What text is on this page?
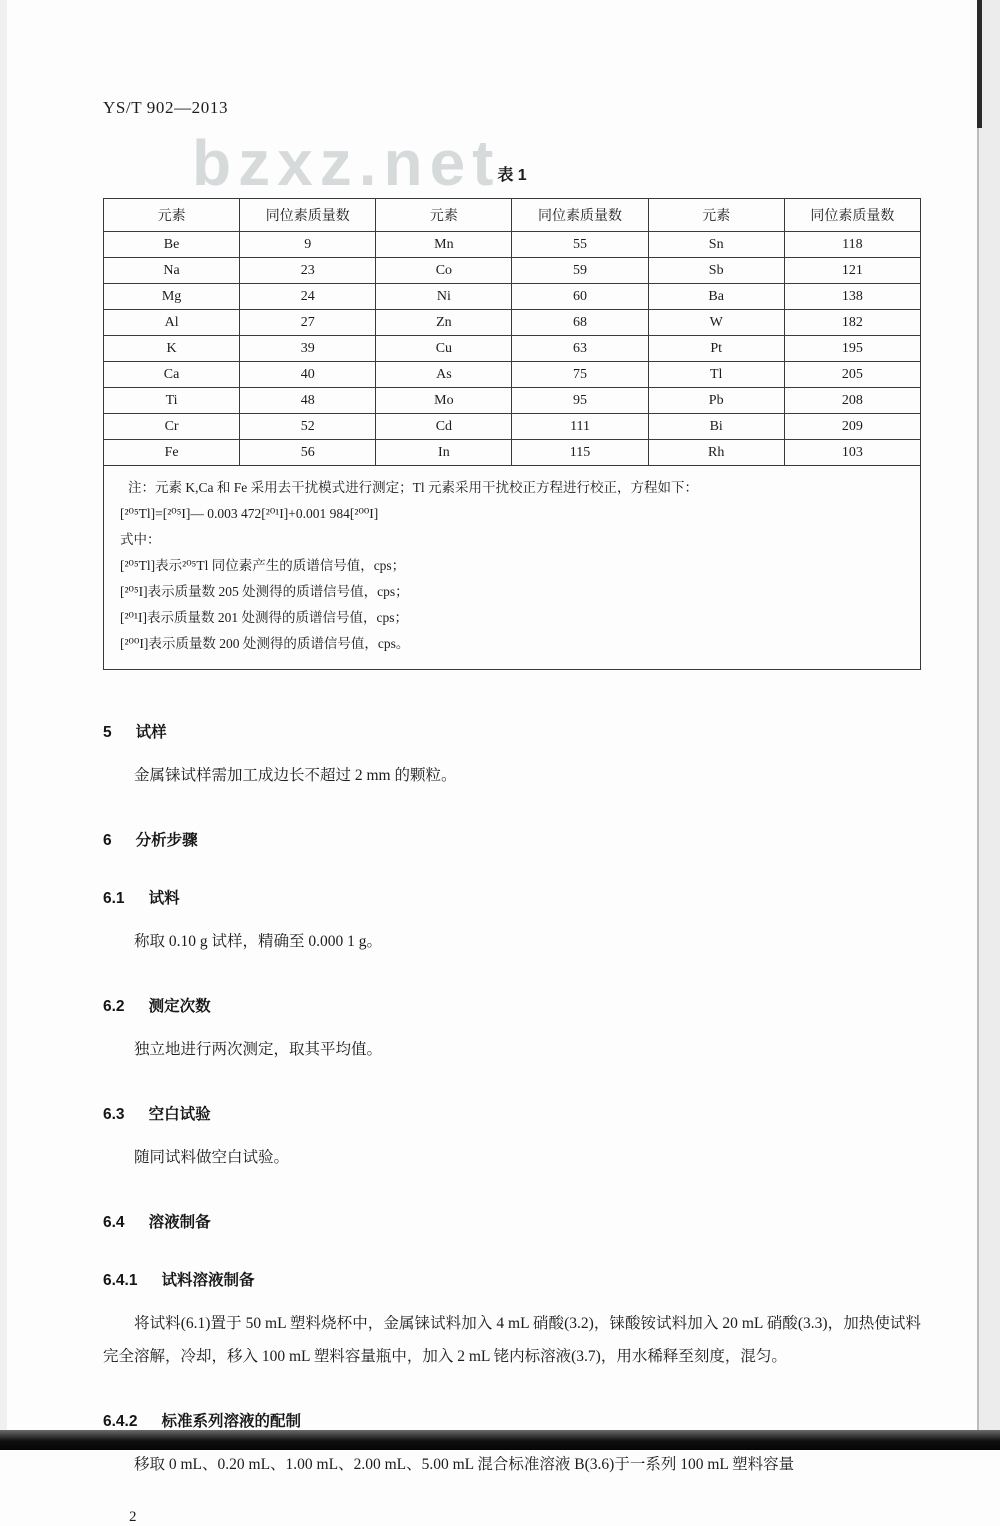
bzxz.net
YS/T 902—2013
表 1
元素	同位素质量数	元素	同位素质量数	元素	同位素质量数
Be	9	Mn	55	Sn	118
Na	23	Co	59	Sb	121
Mg	24	Ni	60	Ba	138
Al	27	Zn	68	W	182
K	39	Cu	63	Pt	195
Ca	40	As	75	Tl	205
Ti	48	Mo	95	Pb	208
Cr	52	Cd	111	Bi	209
Fe	56	In	115	Rh	103

注：元素 K,Ca 和 Fe 采用去干扰模式进行测定；Tl 元素采用干扰校正方程进行校正，方程如下：
[²⁰⁵Tl]=[²⁰⁵I]— 0.003 472[²⁰¹I]+0.001 984[²⁰⁰I]
式中：
[²⁰⁵Tl]表示²⁰⁵Tl 同位素产生的质谱信号值，cps；
[²⁰⁵I]表示质量数 205 处测得的质谱信号值，cps；
[²⁰¹I]表示质量数 201 处测得的质谱信号值，cps；
[²⁰⁰I]表示质量数 200 处测得的质谱信号值，cps。
5 试样

金属铼试样需加工成边长不超过 2 mm 的颗粒。

6 分析步骤
6.1 试料

称取 0.10 g 试样，精确至 0.000 1 g。

6.2 测定次数

独立地进行两次测定，取其平均值。

6.3 空白试验

随同试料做空白试验。

6.4 溶液制备
6.4.1 试料溶液制备

将试料(6.1)置于 50 mL 塑料烧杯中，金属铼试料加入 4 mL 硝酸(3.2)，铼酸铵试料加入 20 mL 硝酸(3.3)，加热使试料完全溶解，冷却，移入 100 mL 塑料容量瓶中，加入 2 mL 铑内标溶液(3.7)，用水稀释至刻度，混匀。

6.4.2 标准系列溶液的配制

移取 0 mL、0.20 mL、1.00 mL、2.00 mL、5.00 mL 混合标准溶液 B(3.6)于一系列 100 mL 塑料容量

2
